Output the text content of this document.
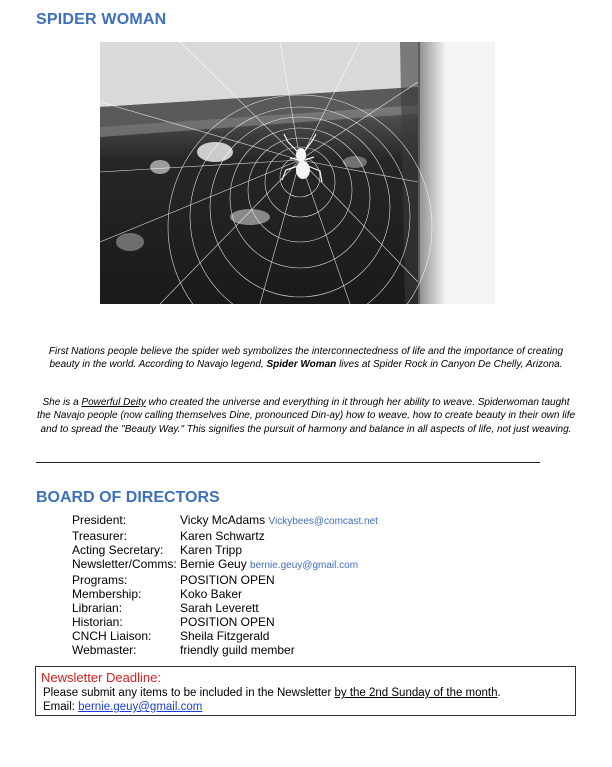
SPIDER WOMAN

First Nations people believe the spider web symbolizes the interconnectedness of life and the importance of creating beauty in the world. According to Navajo legend, Spider Woman lives at Spider Rock in Canyon De Chelly, Arizona.

She is a Powerful Deity who created the universe and everything in it through her ability to weave. Spiderwoman taught the Navajo people (now calling themselves Dine, pronounced Din-ay) how to weave, how to create beauty in their own life and to spread the "Beauty Way." This signifies the pursuit of harmony and balance in all aspects of life, not just weaving.

BOARD OF DIRECTORS
President:	Vicky McAdams Vickybees@comcast.net
Treasurer:	Karen Schwartz
Acting Secretary:	Karen Tripp
Newsletter/Comms:	Bernie Geuy bernie.geuy@gmail.com
Programs:	POSITION OPEN
Membership:	Koko Baker
Librarian:	Sarah Leverett
Historian:	POSITION OPEN
CNCH Liaison:	Sheila Fitzgerald
Webmaster:	friendly guild member

Newsletter Deadline:

Please submit any items to be included in the Newsletter by the 2nd Sunday of the month.

Email: bernie.geuy@gmail.com
